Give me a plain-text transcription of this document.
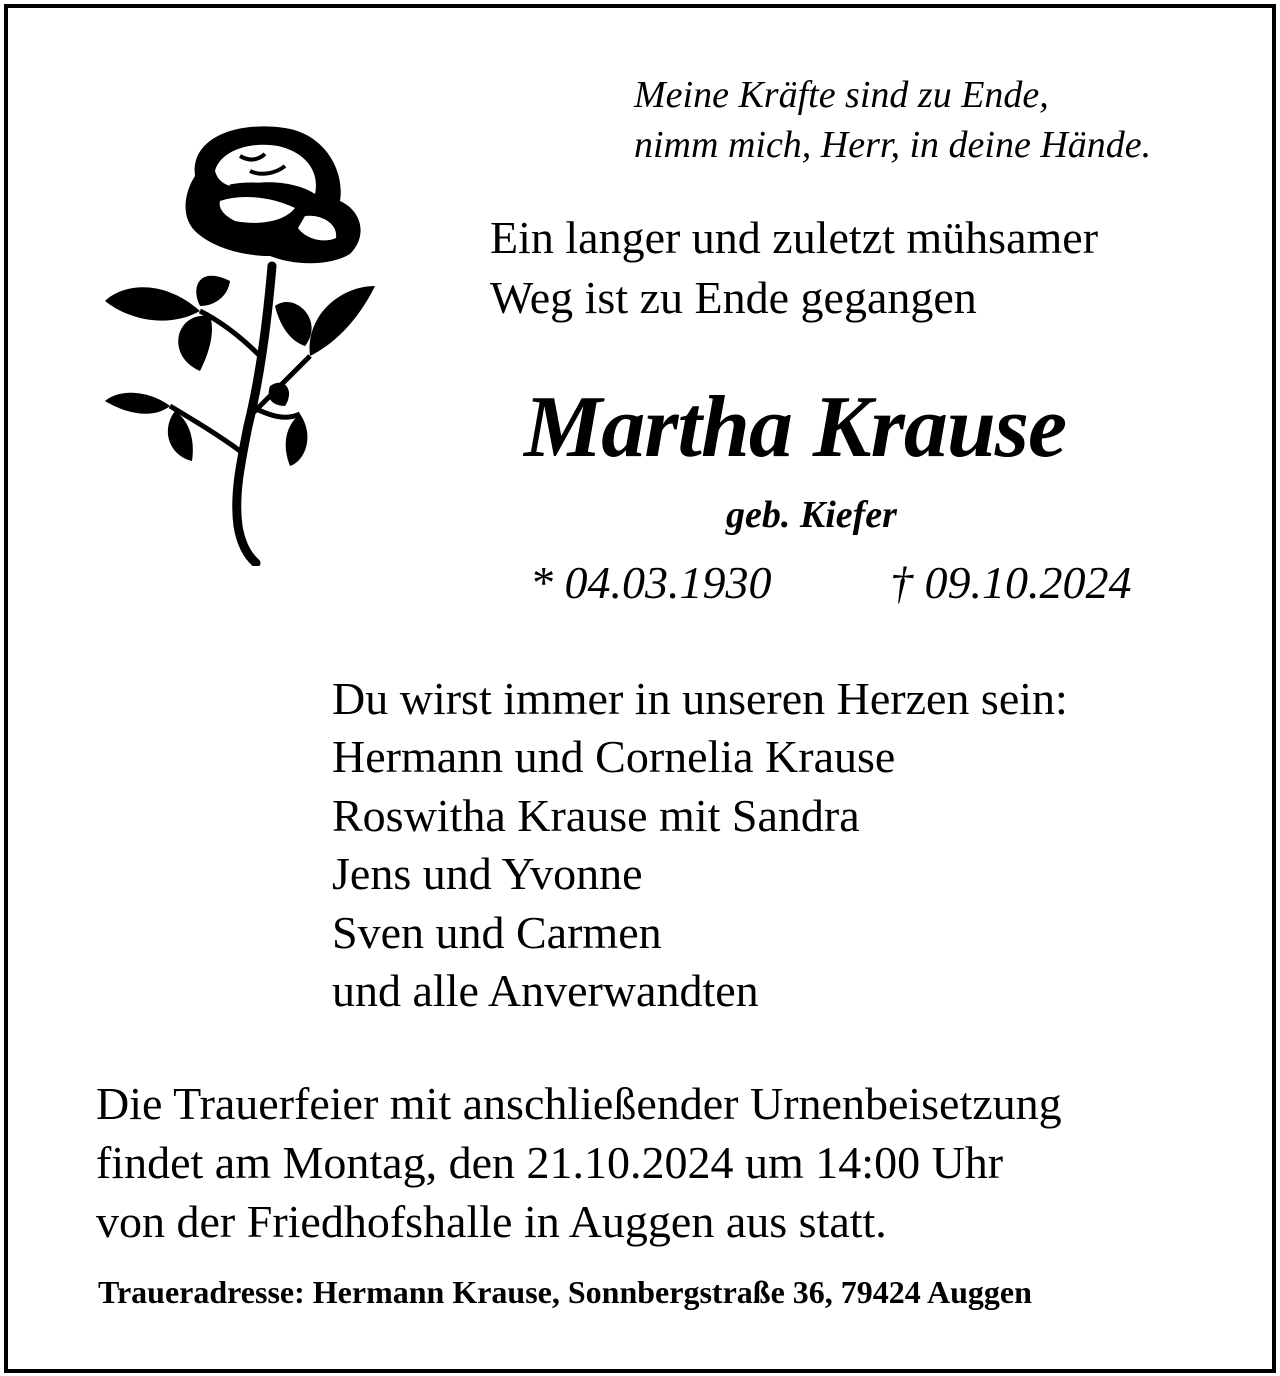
Meine Kräfte sind zu Ende,
nimm mich, Herr, in deine Hände.
Ein langer und zuletzt mühsamer
Weg ist zu Ende gegangen
Martha Krause
geb. Kiefer
* 04.03.1930	† 09.10.2024
Du wirst immer in unseren Herzen sein:
Hermann und Cornelia Krause
Roswitha Krause mit Sandra
Jens und Yvonne
Sven und Carmen
und alle Anverwandten
Die Trauerfeier mit anschließender Urnenbeisetzung
findet am Montag, den 21.10.2024 um 14:00 Uhr
von der Friedhofshalle in Auggen aus statt.
Traueradresse: Hermann Krause, Sonnbergstraße 36, 79424 Auggen
